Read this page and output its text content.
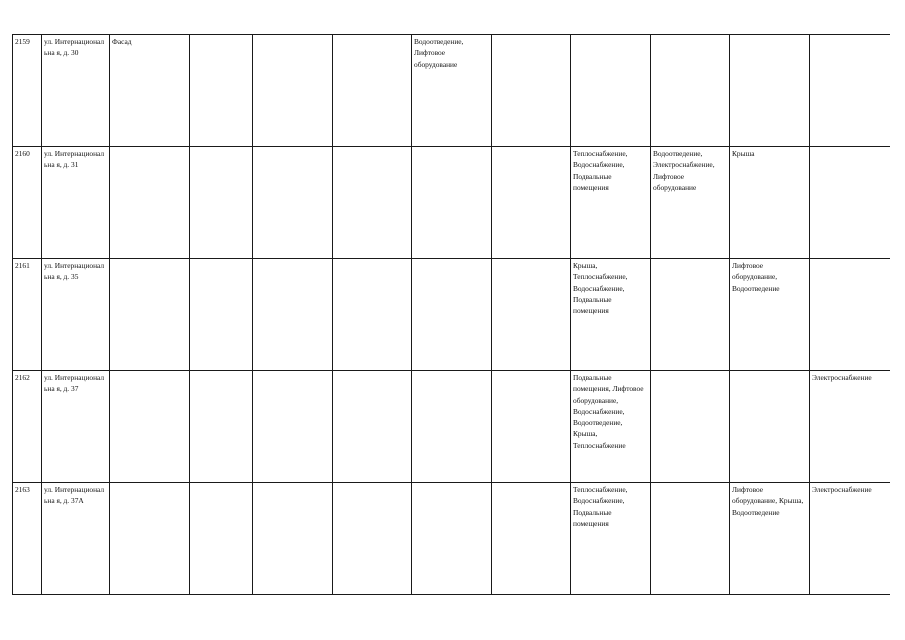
2159	ул. Интернационал ьна я, д. 30	Фасад				Водоотведение, Лифтовое оборудование					
2160	ул. Интернационал ьна я, д. 31							Теплоснабжение, Водоснабжение, Подвальные помещения	Водоотведение, Электроснабжение, Лифтовое оборудование	Крыша	
2161	ул. Интернационал ьна я, д. 35							Крыша, Теплоснабжение, Водоснабжение, Подвальные помещения		Лифтовое оборудование, Водоотведение	
2162	ул. Интернационал ьна я, д. 37							Подвальные помещения, Лифтовое оборудование, Водоснабжение, Водоотведение, Крыша, Теплоснабжение			Электроснабжение
2163	ул. Интернационал ьна я, д. 37А							Теплоснабжение, Водоснабжение, Подвальные помещения		Лифтовое оборудование, Крыша, Водоотведение	Электроснабжение
